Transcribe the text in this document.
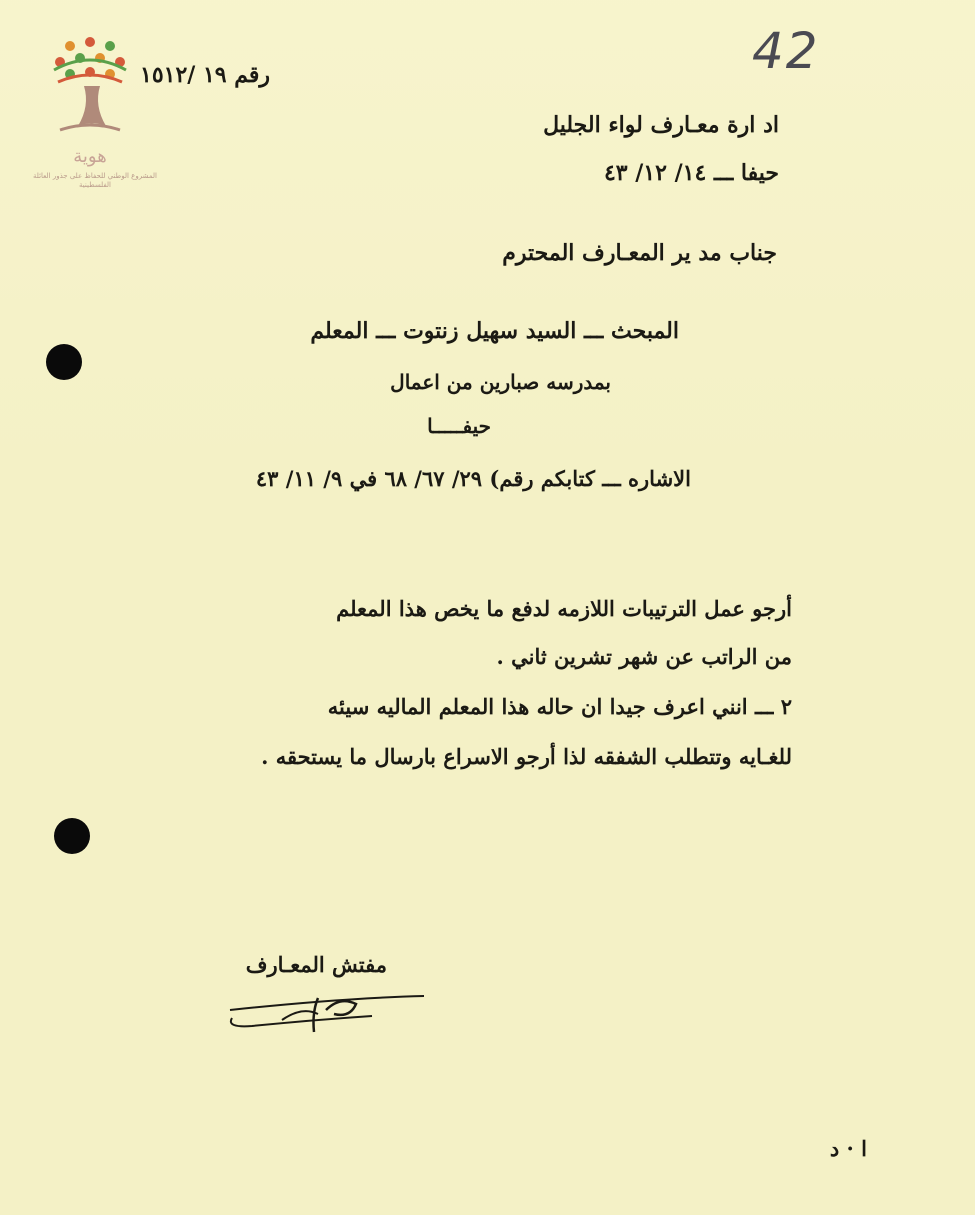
42
هوية
المشروع الوطني للحفاظ على جذور العائلة الفلسطينية
رقم ١٩ /١٥١٢
اد ارة معـارف لواء الجليل
حيفا ـــ ١٤/ ١٢/ ٤٣
جناب مد ير المعـارف المحترم
المبحث ـــ السيد سهيل زنتوت ـــ المعلم
بمدرسه صبارين من اعمال
حيفـــــا
الاشاره ـــ كتابكم رقم) ٢٩/ ٦٧/ ٦٨ في ٩/ ١١/ ٤٣
أرجو عمل الترتيبات اللازمه لدفع ما يخص هذا المعلم
من الراتب عن شهر تشرين ثاني .
٢ ـــ انني اعرف جيدا ان حاله هذا المعلم الماليه سيئه
للغـايه وتتطلب الشفقه لذا أرجو الاسراع بارسال ما يستحقه .
مفتش المعـارف
ا · د
